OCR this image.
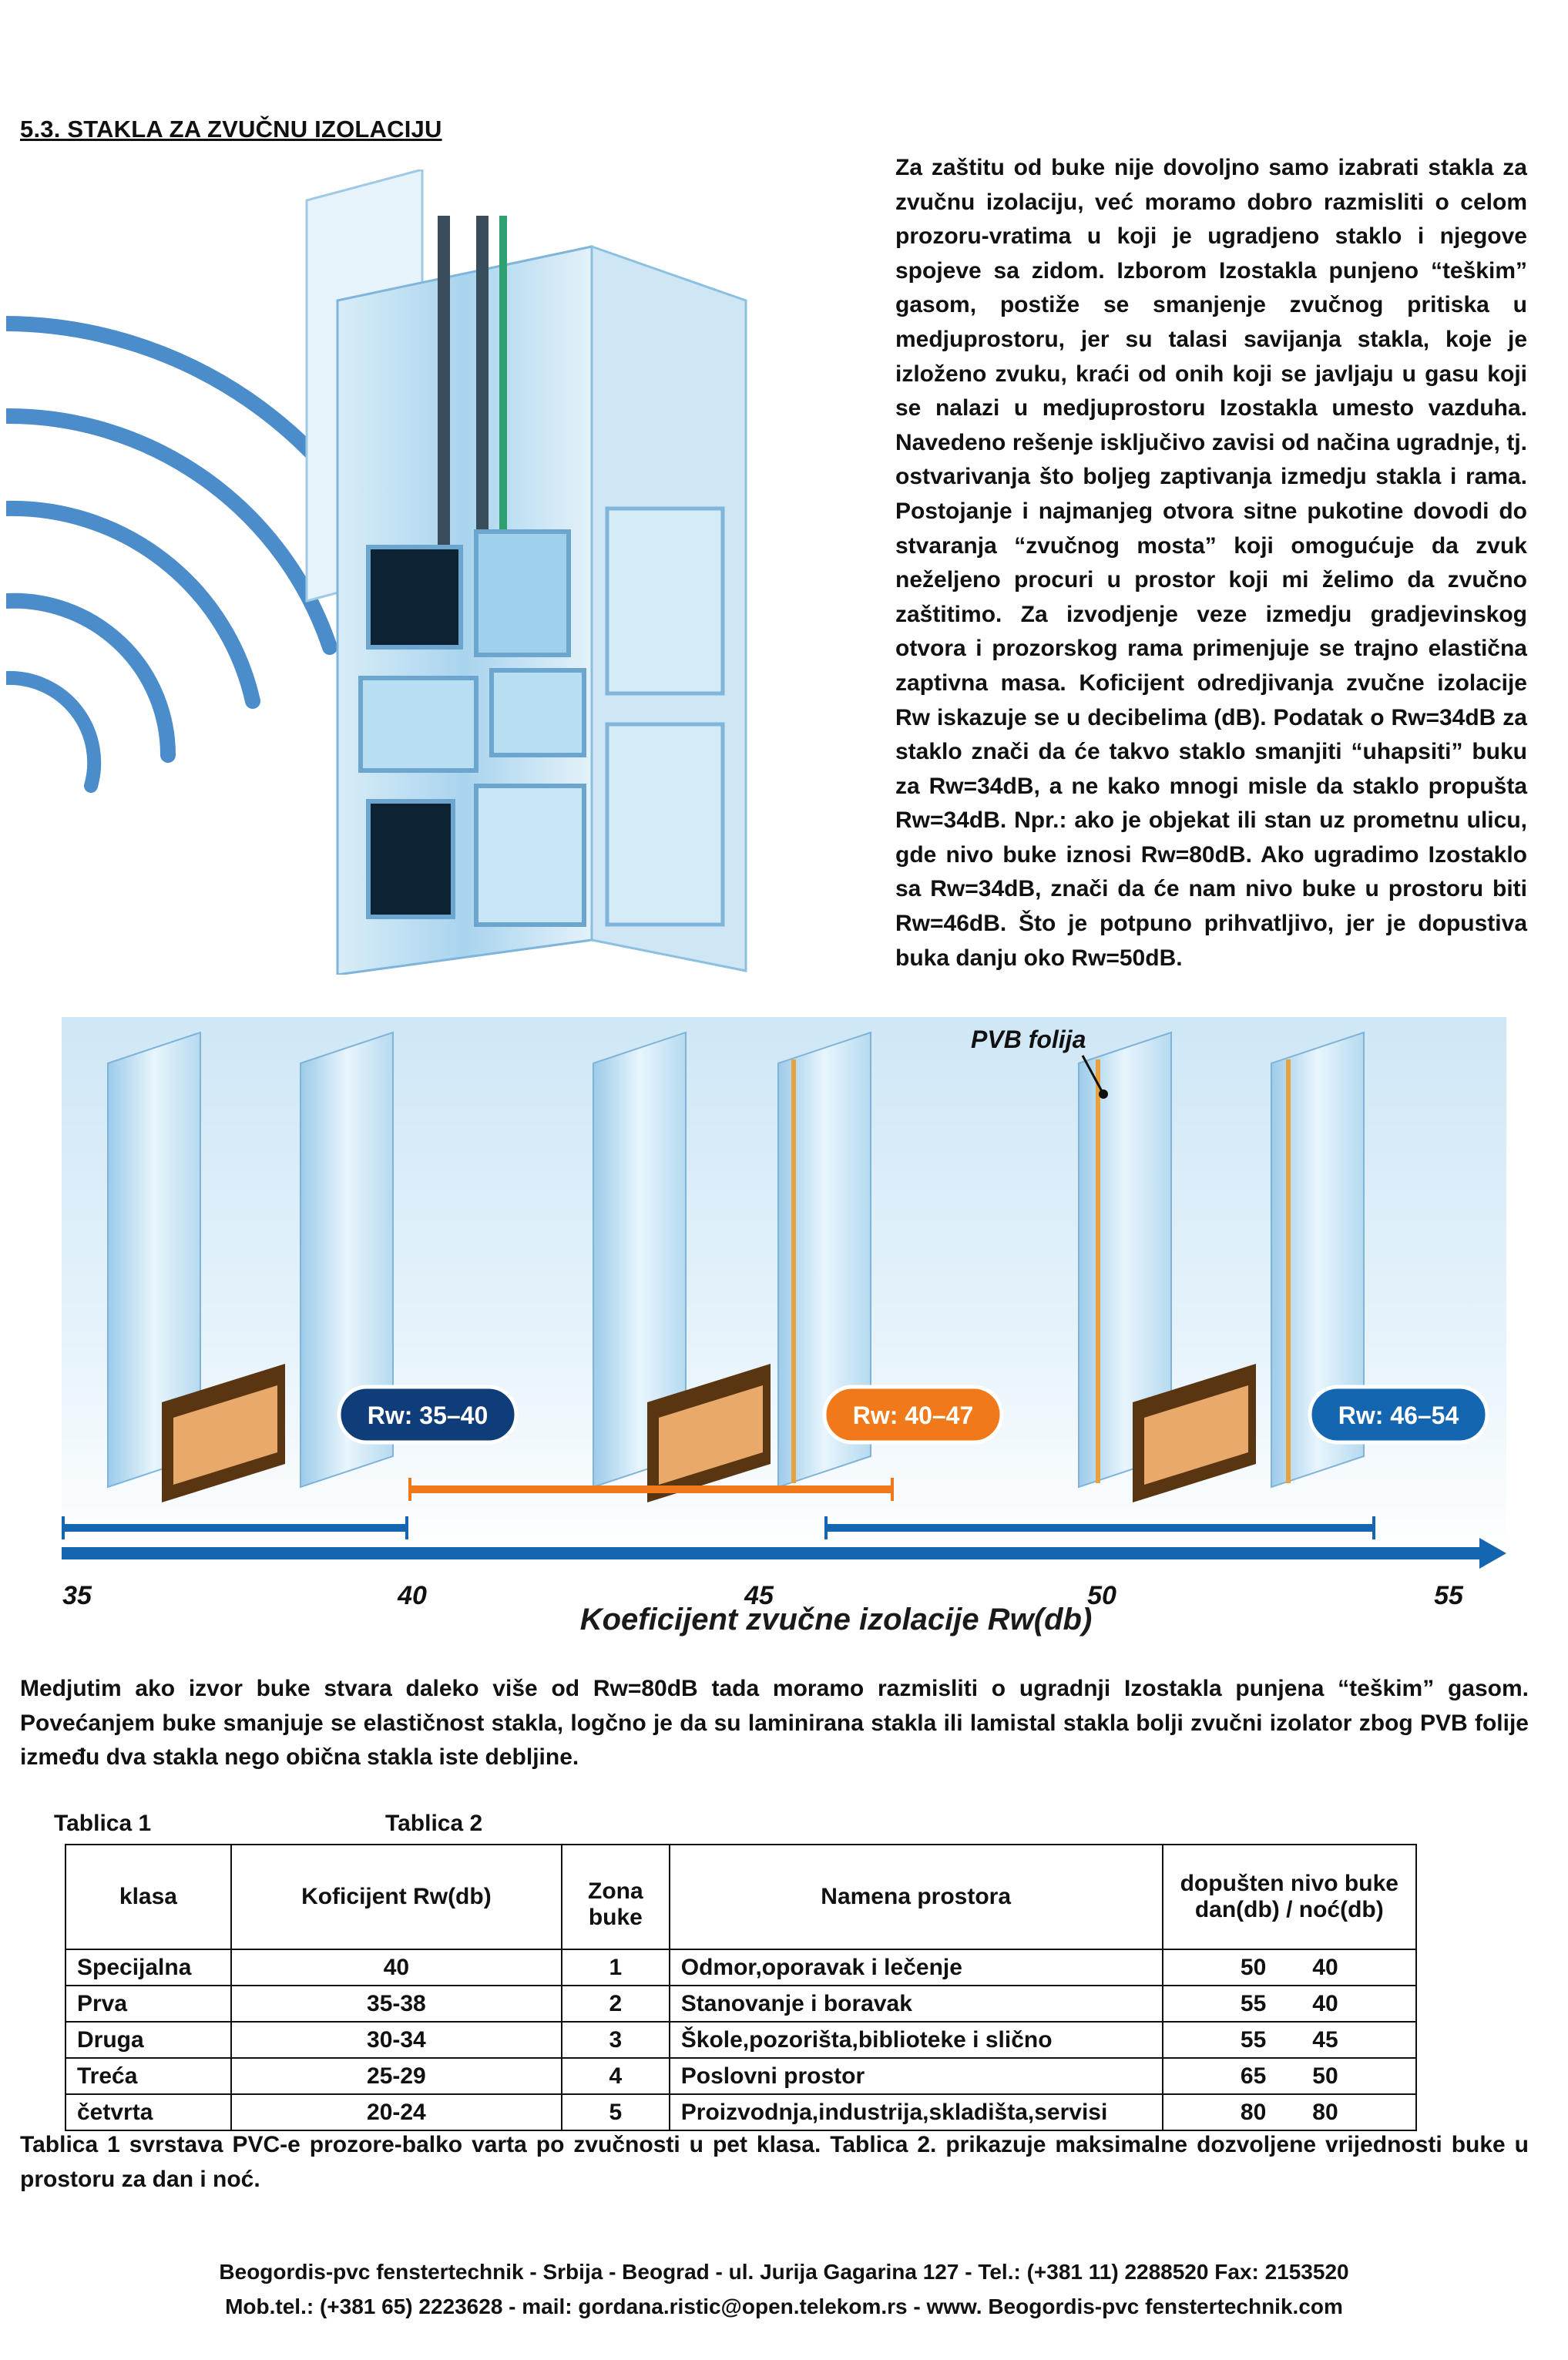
5.3. STAKLA ZA ZVUČNU IZOLACIJU

Za zaštitu od buke nije dovoljno samo izabrati stakla za zvučnu izolaciju, već moramo dobro razmisliti o celom prozoru-vratima u koji je ugradjeno staklo i njegove spojeve sa zidom. Izborom Izostakla punjeno “teškim” gasom, postiže se smanjenje zvučnog pritiska u medjuprostoru, jer su talasi savijanja stakla, koje je izloženo zvuku, kraći od onih koji se javljaju u gasu koji se nalazi u medjuprostoru Izostakla umesto vazduha. Navedeno rešenje isključivo zavisi od načina ugradnje, tj. ostvarivanja što boljeg zaptivanja izmedju stakla i rama. Postojanje i najmanjeg otvora sitne pukotine dovodi do stvaranja “zvučnog mosta” koji omogućuje da zvuk neželjeno procuri u prostor koji mi želimo da zvučno zaštitimo. Za izvodjenje veze izmedju gradjevinskog otvora i prozorskog rama primenjuje se trajno elastična zaptivna masa. Koficijent odredjivanja zvučne izolacije Rw iskazuje se u decibelima (dB). Podatak o Rw=34dB za staklo znači da će takvo staklo smanjiti “uhapsiti” buku za Rw=34dB, a ne kako mnogi misle da staklo propušta Rw=34dB. Npr.: ako je objekat ili stan uz prometnu ulicu, gde nivo buke iznosi Rw=80dB. Ako ugradimo Izostaklo sa Rw=34dB, znači da će nam nivo buke u prostoru biti Rw=46dB. Što je potpuno prihvatljivo, jer je dopustiva buka danju oko Rw=50dB.

PVB folija
Rw: 35–40	Rw: 40–47	Rw: 46–54
35	40	45	50	55
Koeficijent zvučne izolacije Rw(db)

Medjutim ako izvor buke stvara daleko više od Rw=80dB tada moramo razmisliti o ugradnji Izostakla punjena “teškim” gasom. Povećanjem buke smanjuje se elastičnost stakla, logčno je da su laminirana stakla ili lamistal stakla bolji zvučni izolator zbog PVB folije između dva stakla nego obična stakla iste debljine.

Tablica 1	Tablica 2
klasa	Koficijent Rw(db)	Zona buke	Namena prostora	dopušten nivo buke
dan(db) / noć(db)

Specijalna	40	1	Odmor,oporavak i lečenje	50 40

Prva	35-38	2	Stanovanje i boravak	55 40

Druga	30-34	3	Škole,pozorišta,biblioteke i slično	55 45

Treća	25-29	4	Poslovni prostor	65 50

četvrta	20-24	5	Proizvodnja,industrija,skladišta,servisi	80 80

Tablica 1 svrstava PVC-e prozore-balko varta po zvučnosti u pet klasa. Tablica 2. prikazuje maksimalne dozvoljene vrijednosti buke u prostoru za dan i noć.

Beogordis-pvc fenstertechnik - Srbija - Beograd - ul. Jurija Gagarina 127 - Tel.: (+381 11) 2288520 Fax: 2153520
Mob.tel.: (+381 65) 2223628 - mail: gordana.ristic@open.telekom.rs - www. Beogordis-pvc fenstertechnik.com
